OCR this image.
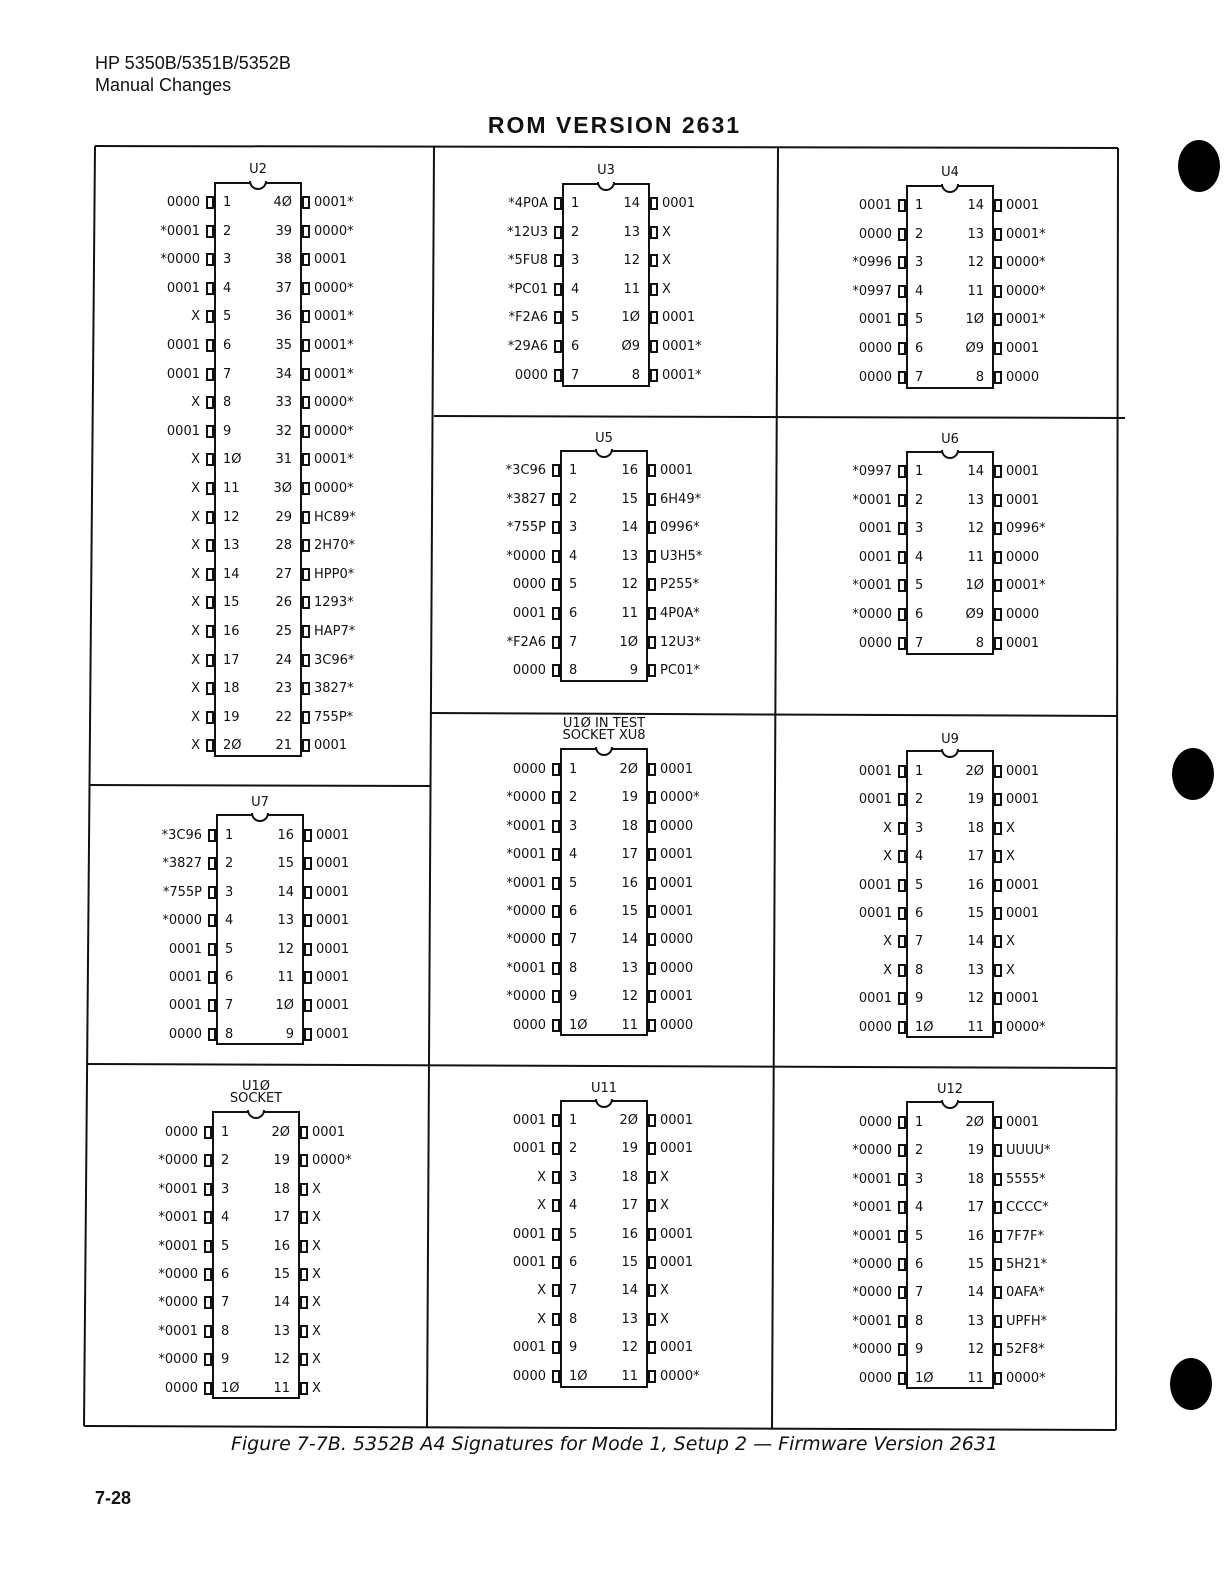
HP 5350B/5351B/5352B
Manual Changes
ROM VERSION 2631
U2
0000 1	4Ø 0001*
*0001 2	39 0000*
*0000 3	38 0001
0001 4	37 0000*
X 5	36 0001*
0001 6	35 0001*
0001 7	34 0001*
X 8	33 0000*
0001 9	32 0000*
X 1Ø	31 0001*
X 11	3Ø 0000*
X 12	29 HC89*
X 13	28 2H70*
X 14	27 HPP0*
X 15	26 1293*
X 16	25 HAP7*
X 17	24 3C96*
X 18	23 3827*
X 19	22 755P*
X 2Ø	21 0001
U3
*4P0A 1	14 0001
*12U3 2	13 X
*5FU8 3	12 X
*PC01 4	11 X
*F2A6 5	1Ø 0001
*29A6 6	Ø9 0001*
0000 7	8 0001*
U4
0001 1	14 0001
0000 2	13 0001*
*0996 3	12 0000*
*0997 4	11 0000*
0001 5	1Ø 0001*
0000 6	Ø9 0001
0000 7	8 0000
U5
*3C96 1	16 0001
*3827 2	15 6H49*
*755P 3	14 0996*
*0000 4	13 U3H5*
0000 5	12 P255*
0001 6	11 4P0A*
*F2A6 7	1Ø 12U3*
0000 8	9 PC01*
U6
*0997 1	14 0001
*0001 2	13 0001
0001 3	12 0996*
0001 4	11 0000
*0001 5	1Ø 0001*
*0000 6	Ø9 0000
0000 7	8 0001
U7
*3C96 1	16 0001
*3827 2	15 0001
*755P 3	14 0001
*0000 4	13 0001
0001 5	12 0001
0001 6	11 0001
0001 7	1Ø 0001
0000 8	9 0001
U1Ø IN TEST
SOCKET XU8
0000 1	2Ø 0001
*0000 2	19 0000*
*0001 3	18 0000
*0001 4	17 0001
*0001 5	16 0001
*0000 6	15 0001
*0000 7	14 0000
*0001 8	13 0000
*0000 9	12 0001
0000 1Ø	11 0000
U9
0001 1	2Ø 0001
0001 2	19 0001
X 3	18 X
X 4	17 X
0001 5	16 0001
0001 6	15 0001
X 7	14 X
X 8	13 X
0001 9	12 0001
0000 1Ø	11 0000*
U1Ø
SOCKET
0000 1	2Ø 0001
*0000 2	19 0000*
*0001 3	18 X
*0001 4	17 X
*0001 5	16 X
*0000 6	15 X
*0000 7	14 X
*0001 8	13 X
*0000 9	12 X
0000 1Ø	11 X
U11
0001 1	2Ø 0001
0001 2	19 0001
X 3	18 X
X 4	17 X
0001 5	16 0001
0001 6	15 0001
X 7	14 X
X 8	13 X
0001 9	12 0001
0000 1Ø	11 0000*
U12
0000 1	2Ø 0001
*0000 2	19 UUUU*
*0001 3	18 5555*
*0001 4	17 CCCC*
*0001 5	16 7F7F*
*0000 6	15 5H21*
*0000 7	14 0AFA*
*0001 8	13 UPFH*
*0000 9	12 52F8*
0000 1Ø	11 0000*
Figure 7-7B. 5352B A4 Signatures for Mode 1, Setup 2 — Firmware Version 2631
7-28
